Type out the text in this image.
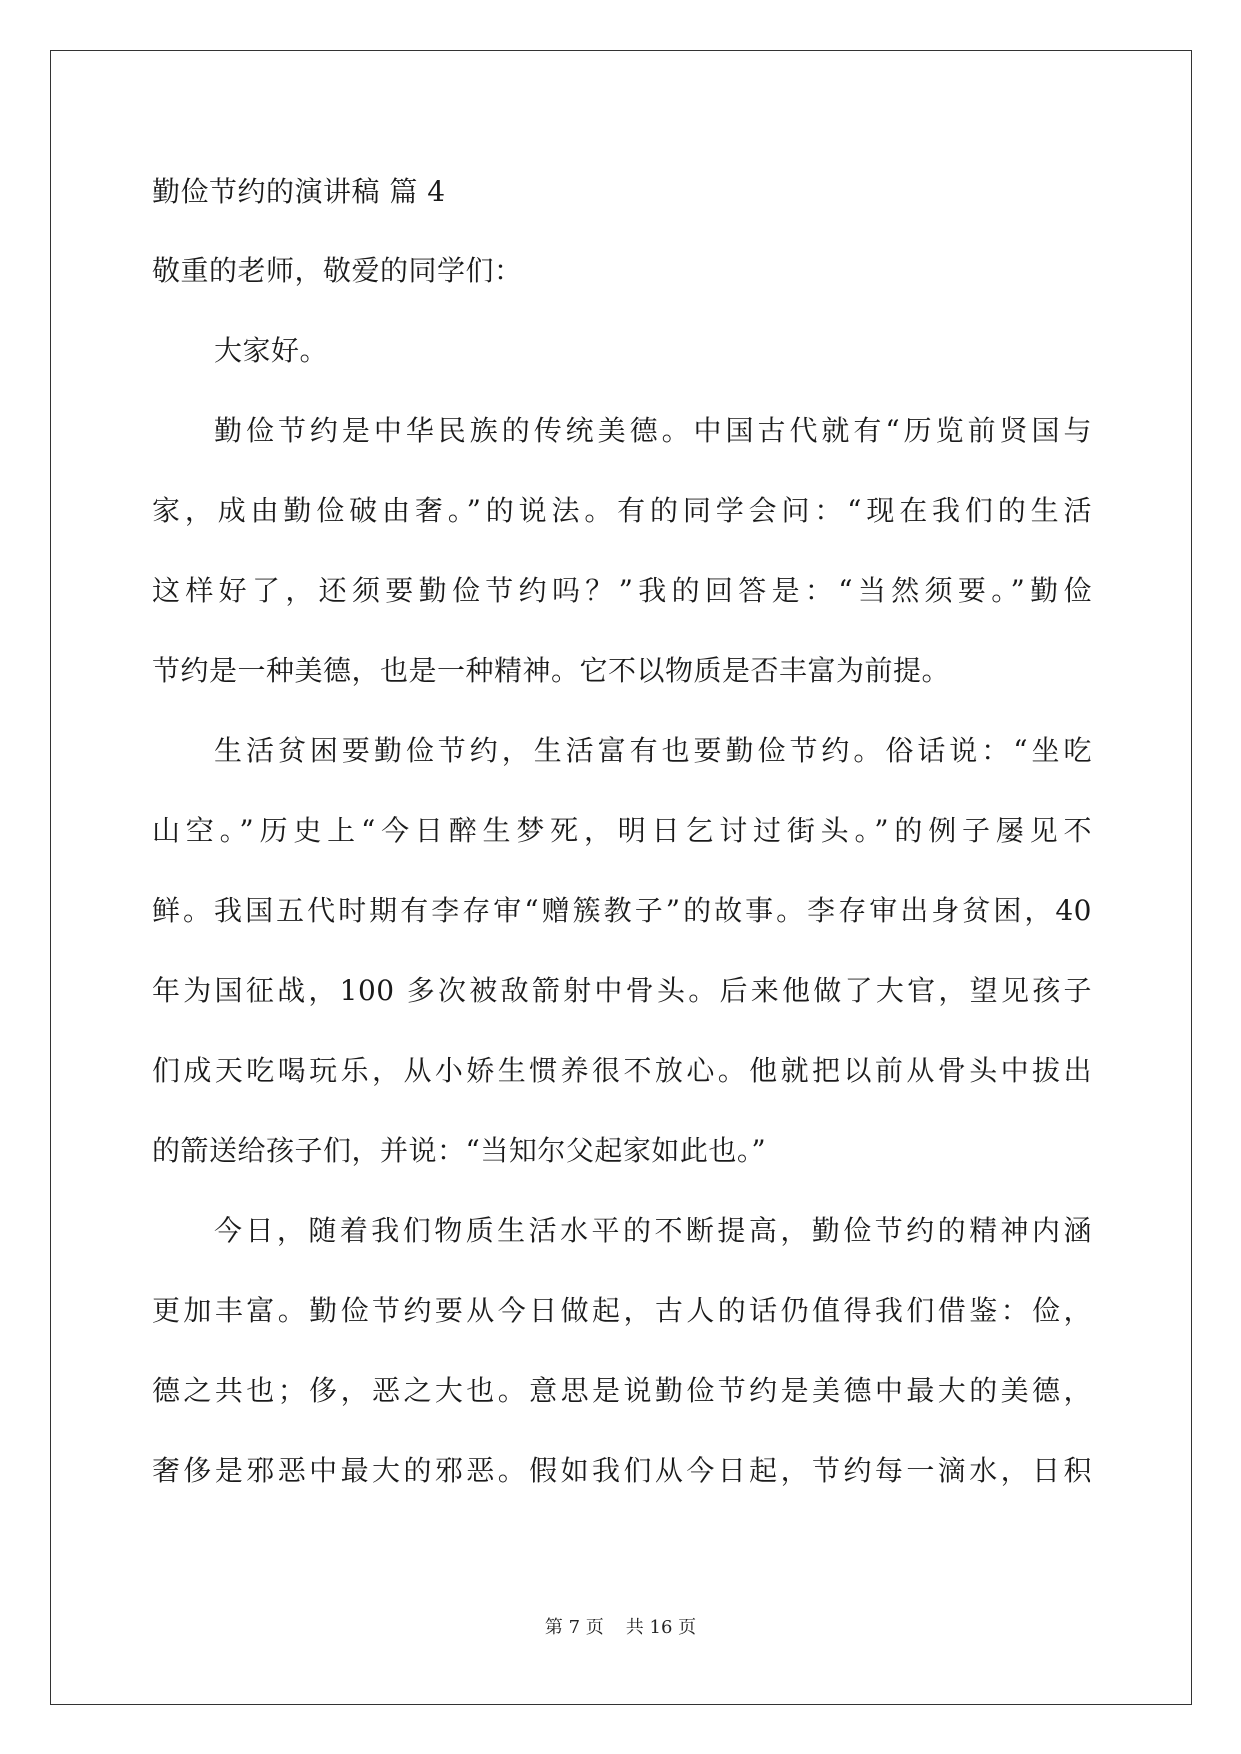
勤俭节约的演讲稿 篇 4
敬重的老师，敬爱的同学们：
大家好。
勤俭节约是中华民族的传统美德。中国古代就有“历览前贤国与
家，成由勤俭破由奢。”的说法。有的同学会问：“现在我们的生活
这样好了，还须要勤俭节约吗？”我的回答是：“当然须要。”勤俭
节约是一种美德，也是一种精神。它不以物质是否丰富为前提。
生活贫困要勤俭节约，生活富有也要勤俭节约。俗话说：“坐吃
山空。”历史上“今日醉生梦死，明日乞讨过街头。”的例子屡见不
鲜。我国五代时期有李存审“赠簇教子”的故事。李存审出身贫困，40
年为国征战，100 多次被敌箭射中骨头。后来他做了大官，望见孩子
们成天吃喝玩乐，从小娇生惯养很不放心。他就把以前从骨头中拔出
的箭送给孩子们，并说：“当知尔父起家如此也。”
今日，随着我们物质生活水平的不断提高，勤俭节约的精神内涵
更加丰富。勤俭节约要从今日做起，古人的话仍值得我们借鉴：俭，
德之共也；侈，恶之大也。意思是说勤俭节约是美德中最大的美德，
奢侈是邪恶中最大的邪恶。假如我们从今日起，节约每一滴水，日积
第 7 页 共 16 页
